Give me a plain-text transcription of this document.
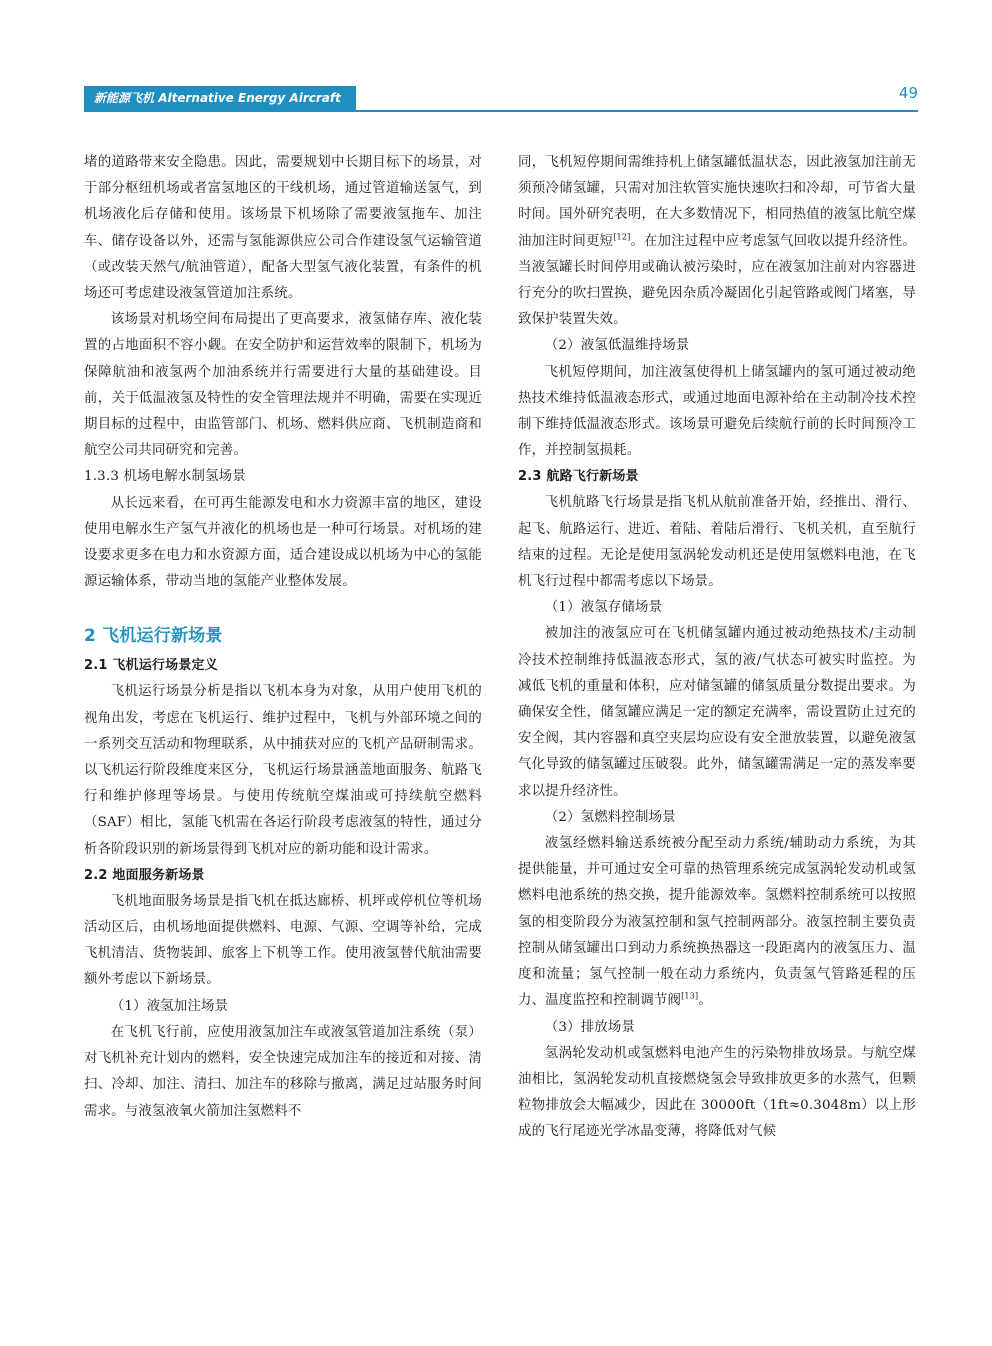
新能源飞机 Alternative Energy Aircraft	49

堵的道路带来安全隐患。因此，需要规划中长期目标下的场景，对于部分枢纽机场或者富氢地区的干线机场，通过管道输送氢气，到机场液化后存储和使用。该场景下机场除了需要液氢拖车、加注车、储存设备以外，还需与氢能源供应公司合作建设氢气运输管道（或改装天然气/航油管道），配备大型氢气液化装置，有条件的机场还可考虑建设液氢管道加注系统。

该场景对机场空间布局提出了更高要求，液氢储存库、液化装置的占地面积不容小觑。在安全防护和运营效率的限制下，机场为保障航油和液氢两个加油系统并行需要进行大量的基础建设。目前，关于低温液氢及特性的安全管理法规并不明确，需要在实现近期目标的过程中，由监管部门、机场、燃料供应商、飞机制造商和航空公司共同研究和完善。

1.3.3 机场电解水制氢场景

从长远来看，在可再生能源发电和水力资源丰富的地区，建设使用电解水生产氢气并液化的机场也是一种可行场景。对机场的建设要求更多在电力和水资源方面，适合建设成以机场为中心的氢能源运输体系，带动当地的氢能产业整体发展。

2 飞机运行新场景
2.1 飞机运行场景定义

飞机运行场景分析是指以飞机本身为对象，从用户使用飞机的视角出发，考虑在飞机运行、维护过程中，飞机与外部环境之间的一系列交互活动和物理联系，从中捕获对应的飞机产品研制需求。以飞机运行阶段维度来区分，飞机运行场景涵盖地面服务、航路飞行和维护修理等场景。与使用传统航空煤油或可持续航空燃料（SAF）相比，氢能飞机需在各运行阶段考虑液氢的特性，通过分析各阶段识别的新场景得到飞机对应的新功能和设计需求。

2.2 地面服务新场景

飞机地面服务场景是指飞机在抵达廊桥、机坪或停机位等机场活动区后，由机场地面提供燃料、电源、气源、空调等补给，完成飞机清洁、货物装卸、旅客上下机等工作。使用液氢替代航油需要额外考虑以下新场景。

（1）液氢加注场景

在飞机飞行前，应使用液氢加注车或液氢管道加注系统（泵）对飞机补充计划内的燃料，安全快速完成加注车的接近和对接、清扫、冷却、加注、清扫、加注车的移除与撤离，满足过站服务时间需求。与液氢液氧火箭加注氢燃料不

同，飞机短停期间需维持机上储氢罐低温状态，因此液氢加注前无须预冷储氢罐，只需对加注软管实施快速吹扫和冷却，可节省大量时间。国外研究表明，在大多数情况下，相同热值的液氢比航空煤油加注时间更短[12]。在加注过程中应考虑氢气回收以提升经济性。当液氢罐长时间停用或确认被污染时，应在液氢加注前对内容器进行充分的吹扫置换，避免因杂质冷凝固化引起管路或阀门堵塞，导致保护装置失效。

（2）液氢低温维持场景

飞机短停期间，加注液氢使得机上储氢罐内的氢可通过被动绝热技术维持低温液态形式，或通过地面电源补给在主动制冷技术控制下维持低温液态形式。该场景可避免后续航行前的长时间预冷工作，并控制氢损耗。

2.3 航路飞行新场景

飞机航路飞行场景是指飞机从航前准备开始，经推出、滑行、起飞、航路运行、进近、着陆、着陆后滑行、飞机关机，直至航行结束的过程。无论是使用氢涡轮发动机还是使用氢燃料电池，在飞机飞行过程中都需考虑以下场景。

（1）液氢存储场景

被加注的液氢应可在飞机储氢罐内通过被动绝热技术/主动制冷技术控制维持低温液态形式，氢的液/气状态可被实时监控。为减低飞机的重量和体积，应对储氢罐的储氢质量分数提出要求。为确保安全性，储氢罐应满足一定的额定充满率，需设置防止过充的安全阀，其内容器和真空夹层均应设有安全泄放装置，以避免液氢气化导致的储氢罐过压破裂。此外，储氢罐需满足一定的蒸发率要求以提升经济性。

（2）氢燃料控制场景

液氢经燃料输送系统被分配至动力系统/辅助动力系统，为其提供能量，并可通过安全可靠的热管理系统完成氢涡轮发动机或氢燃料电池系统的热交换，提升能源效率。氢燃料控制系统可以按照氢的相变阶段分为液氢控制和氢气控制两部分。液氢控制主要负责控制从储氢罐出口到动力系统换热器这一段距离内的液氢压力、温度和流量；氢气控制一般在动力系统内，负责氢气管路延程的压力、温度监控和控制调节阀[13]。

（3）排放场景

氢涡轮发动机或氢燃料电池产生的污染物排放场景。与航空煤油相比，氢涡轮发动机直接燃烧氢会导致排放更多的水蒸气，但颗粒物排放会大幅减少，因此在 30000ft（1ft≈0.3048m）以上形成的飞行尾迹光学冰晶变薄，将降低对气候
